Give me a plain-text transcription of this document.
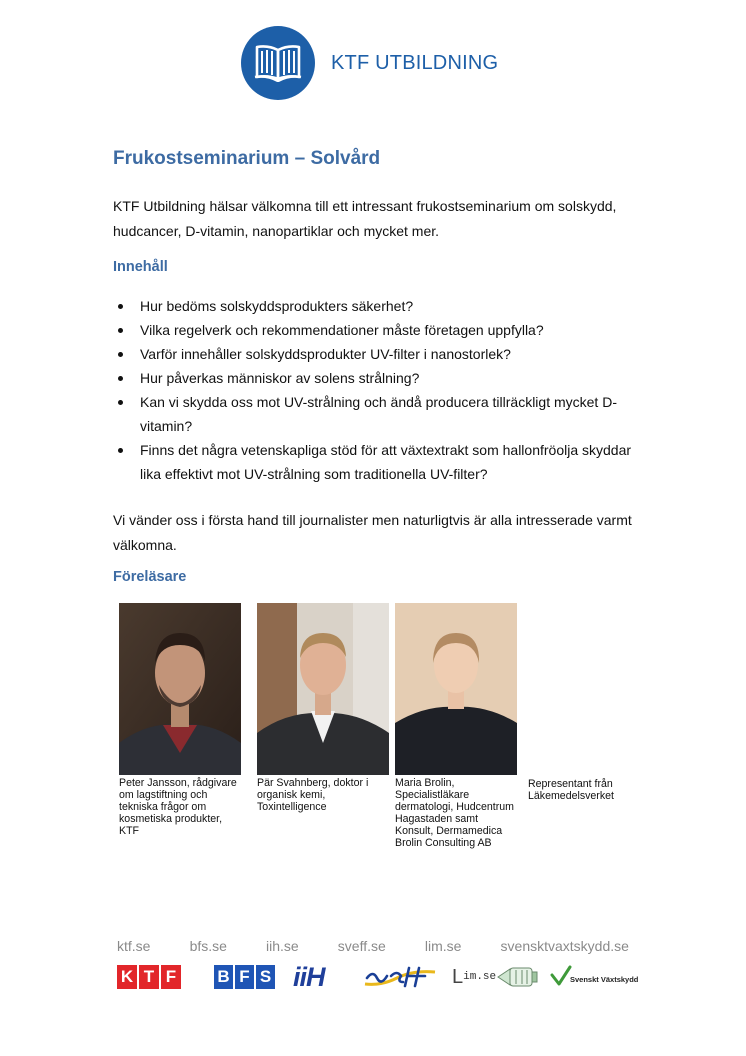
KTF UTBILDNING
Frukostseminarium – Solvård

KTF Utbildning hälsar välkomna till ett intressant frukostseminarium om solskydd, hudcancer, D-vitamin, nanopartiklar och mycket mer.

Innehåll
Hur bedöms solskyddsprodukters säkerhet?
Vilka regelverk och rekommendationer måste företagen uppfylla?
Varför innehåller solskyddsprodukter UV-filter i nanostorlek?
Hur påverkas människor av solens strålning?
Kan vi skydda oss mot UV-strålning och ändå producera tillräckligt mycket D-vitamin?
Finns det några vetenskapliga stöd för att växtextrakt som hallonfröolja skyddar lika effektivt mot UV-strålning som traditionella UV-filter?

Vi vänder oss i första hand till journalister men naturligtvis är alla intresserade varmt välkomna.

Föreläsare
Peter Jansson, rådgivare om lagstiftning och tekniska frågor om kosmetiska produkter, KTF
Pär Svahnberg, doktor i organisk kemi, Toxintelligence
Maria Brolin, Specialistläkare dermatologi, Hudcentrum Hagastaden samt Konsult, Dermamedica Brolin Consulting AB
Representant från Läkemedelsverket
ktf.se	bfs.se	iih.se	sveff.se	lim.se	svensktvaxtskydd.se
K T F B F S iiH	L im.se	Svenskt Växtskydd
